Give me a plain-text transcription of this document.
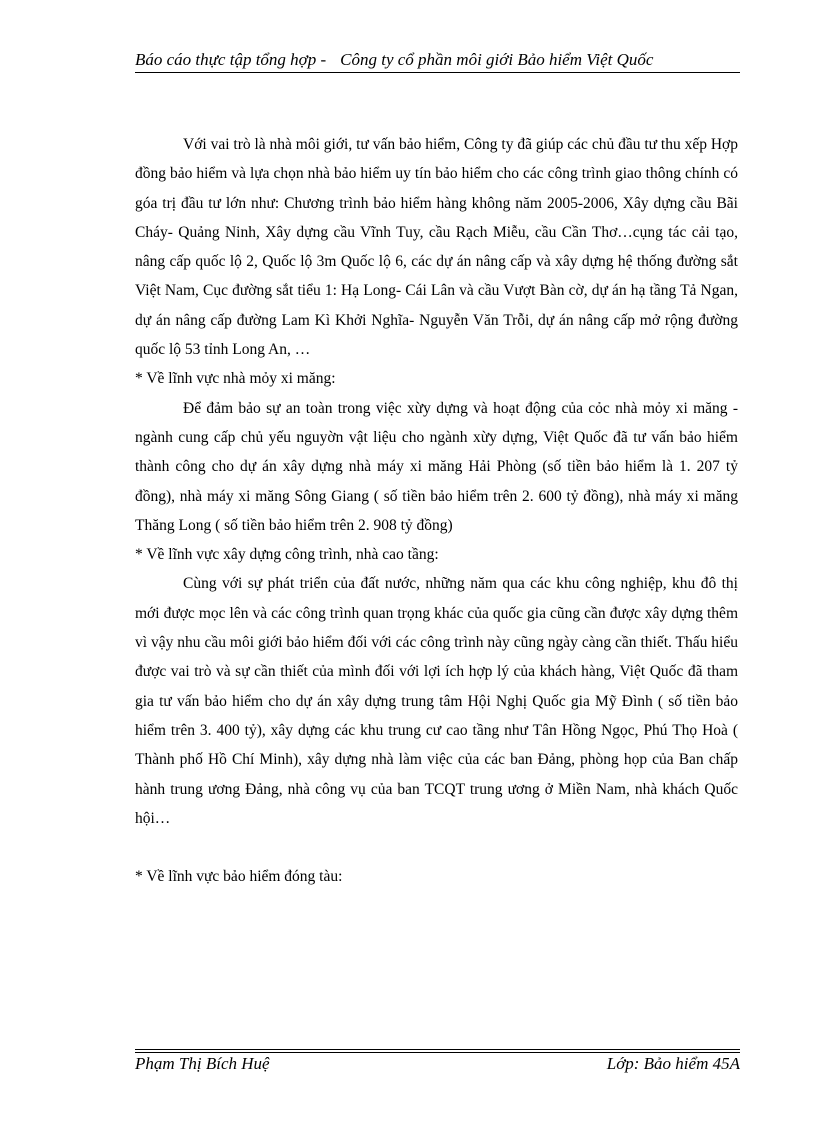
Báo cáo thực tập tổng hợp - Công ty cổ phần môi giới Bảo hiểm Việt Quốc

Với vai trò là nhà môi giới, tư vấn bảo hiểm, Công ty đã giúp các chủ đầu tư thu xếp Hợp đồng bảo hiểm và lựa chọn nhà bảo hiểm uy tín bảo hiểm cho các công trình giao thông chính có góa trị đầu tư lớn như: Chương trình bảo hiểm hàng không năm 2005-2006, Xây dựng cầu Bãi Cháy- Quảng Ninh, Xây dựng cầu Vĩnh Tuy, cầu Rạch Miễu, cầu Cần Thơ…cụng tác cải tạo, nâng cấp quốc lộ 2, Quốc lộ 3m Quốc lộ 6, các dự án nâng cấp và xây dựng hệ thống đường sắt Việt Nam, Cục đường sắt tiểu 1: Hạ Long- Cái Lân và cầu Vượt Bàn cờ, dự án hạ tầng Tả Ngan, dự án nâng cấp đường Lam Kì Khởi Nghĩa- Nguyễn Văn Trỗi, dự án nâng cấp mở rộng đường quốc lộ 53 tỉnh Long An, …

* Về lĩnh vực nhà mỏy xi măng:

Để đảm bảo sự an toàn trong việc xừy dựng và hoạt động của cỏc nhà mỏy xi măng - ngành cung cấp chủ yếu nguyờn vật liệu cho ngành xừy dựng, Việt Quốc đã tư vấn bảo hiểm thành công cho dự án xây dựng nhà máy xi măng Hải Phòng (số tiền bảo hiểm là 1. 207 tỷ đồng), nhà máy xi măng Sông Giang ( số tiền bảo hiểm trên 2. 600 tỷ đồng), nhà máy xi măng Thăng Long ( số tiền bảo hiểm trên 2. 908 tỷ đồng)

* Về lĩnh vực xây dựng công trình, nhà cao tầng:

Cùng với sự phát triển của đất nước, những năm qua các khu công nghiệp, khu đô thị mới được mọc lên và các công trình quan trọng khác của quốc gia cũng cần được xây dựng thêm vì vậy nhu cầu môi giới bảo hiểm đối với các công trình này cũng ngày càng cần thiết. Thấu hiểu được vai trò và sự cần thiết của mình đối với lợi ích hợp lý của khách hàng, Việt Quốc đã tham gia tư vấn bảo hiểm cho dự án xây dựng trung tâm Hội Nghị Quốc gia Mỹ Đình ( số tiền bảo hiểm trên 3. 400 tỷ), xây dựng các khu trung cư cao tầng như Tân Hồng Ngọc, Phú Thọ Hoà ( Thành phố Hồ Chí Minh), xây dựng nhà làm việc của các ban Đảng, phòng họp của Ban chấp hành trung ương Đảng, nhà công vụ của ban TCQT trung ương ở Miền Nam, nhà khách Quốc hội…

* Về lĩnh vực bảo hiểm đóng tàu:

Phạm Thị Bích Huệ	Lớp: Bảo hiểm 45A
